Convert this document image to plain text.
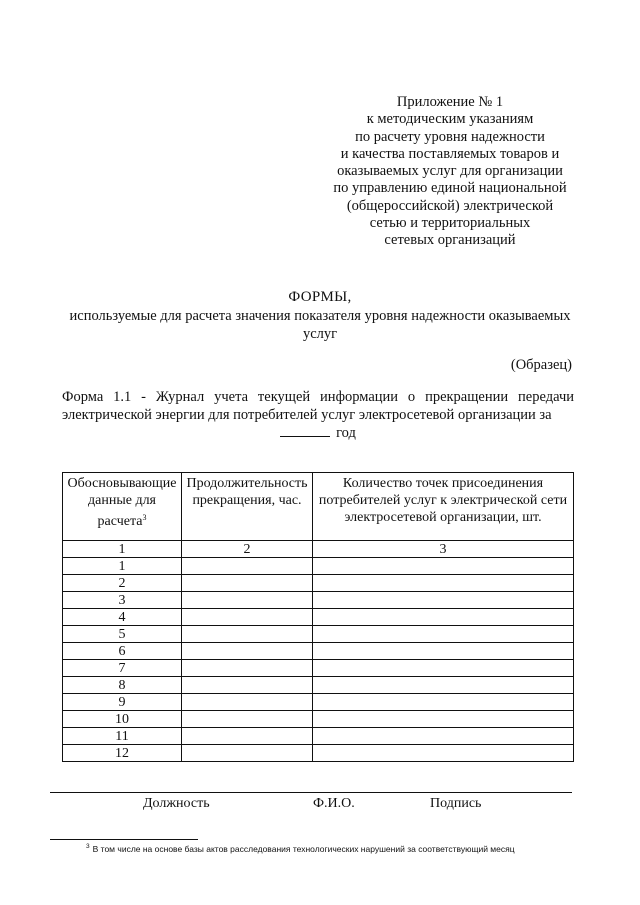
Приложение № 1
к методическим указаниям
по расчету уровня надежности
и качества поставляемых товаров и
оказываемых услуг для организации
по управлению единой национальной
(общероссийской) электрической
сетью и территориальных
сетевых организаций
ФОРМЫ,
используемые для расчета значения показателя уровня надежности оказываемых
услуг
(Образец)
Форма 1.1 - Журнал учета текущей информации о прекращении передачи
электрической энергии для потребителей услуг электросетевой организации за
год
Обосновывающие данные для расчета$^3$	Продолжительность прекращения, час.	Количество точек присоединения потребителей услуг к электрической сети электросетевой организации, шт.
1	2	3
1		
2		
3		
4		
5		
6		
7		
8		
9		
10		
11		
12		
Должность	Ф.И.О.	Подпись
$^3$ В том числе на основе базы актов расследования технологических нарушений за соответствующий месяц
